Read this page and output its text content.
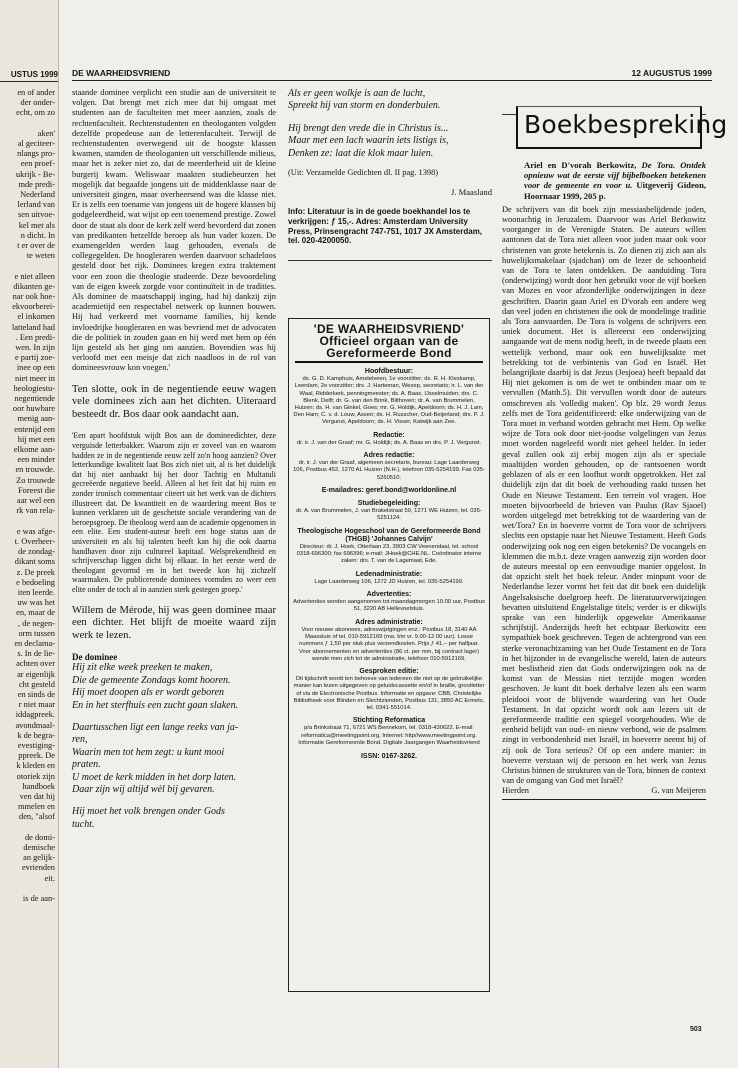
USTUS 1999
en of ander
der onder-
echt, om zo
aken'
al geciteer-
nlangs pro-
een proef-
ukrijk - Be-
mde predi-
Nederland
lerland van
sen uitvoe-
kel met als
n dicht. In
t er over de
te weten
e niet alleen
dikanten ge-
nar ook hoe-
ekvoorberei-
el inkomen
latteland had
. Een predi-
wen. In zijn
e partij zoe-
inee op een
niet meer in
heologiestu-
negentiende
oor huwbare
menig aan-
entenijd een
hij met een
elkome aan-
een minder
en trouwde.
Zo trouwde
Foreest die
aar wel een
rk van rela-
e was afge-
t. Overheer-
de zondag-
dikant soms
z. De preek
e bedoeling
iten leerde.
uw was het
en, maar de
, de negen-
orm tussen
en declama-
s. In de lie-
achten over
ar eigenlijk
cht gesteld
en sinds de
r niet maar
iddagpreek.
avondmaal-
k de begra-
evestiging-
ppreek. De
k kleden en
otoriek zijn
handboek
ven dat hij
mmelen en
den, "alsof
de domi-
demische
an gelijk-
evrienden
eit.
is de aan-
DE WAARHEIDSVRIEND	12 AUGUSTUS 1999

staande dominee verplicht een studie aan de universiteit te volgen. Dat brengt met zich mee dat hij omgaat met studenten aan de faculteiten met meer aanzien, zoals de rechtenfaculteit. Rechtenstudenten en theologanten volgden dezelfde propedeuse aan de letterenfaculteit. Terwijl de rechtenstudenten overwegend uit de hoogste klassen kwamen, stamden de theologanten uit verschillende milieus, maar het is zeker niet zo, dat de meerderheid uit de kleine burgerij kwam. Weliswaar maakten studiebeurzen het mogelijk dat begaafde jongens uit de middenklasse naar de universiteit gingen, maar overheersend was die klasse niet. Er is zelfs een toename van jongens uit de hogere klassen bij godgeleerdheid, wat wijst op een toenemend prestige. Zowel door de staat als door de kerk zelf werd bevorderd dat zonen van predikanten hetzelfde beroep als hun vader kozen. De examengelden werden laag gehouden, evenals de collegegelden. De hoogleraren werden daarvoor schadeloos gesteld door het rijk. Dominees kregen extra traktement voor een zoon die theologie studeerde. Deze bevoordeling van de eigen kweek zorgde voor continuïteit in de tradities. Als dominee de maatschappij inging, had hij dankzij zijn academietijd een respectabel netwerk op kunnen bouwen. Hij had verkeerd met voorname families, hij kende invloedrijke hoogleraren en was bevriend met de advocaten die de politiek in zouden gaan en hij werd met hem op één lijn gesteld als het ging om aanzien. Bovendien was hij verloofd met een meisje dat zich naadloos in de rol van domineesvrouw kon voegen.'

Ten slotte, ook in de negentiende eeuw wagen vele dominees zich aan het dichten. Uiteraard besteedt dr. Bos daar ook aandacht aan.

'Een apart hoofdstuk wijdt Bos aan de domineedichter, deze verguisde letterbakker. Waarom zijn er zoveel van en waarom hadden ze in de negentiende eeuw zelf zo'n hoog aanzien? Over letterkundige kwaliteit laat Bos zich niet uit, al is het duidelijk dat hij niet aanhaakt bij het door Tachtig en Multatuli gecreëerde negatieve beeld. Alleen al het feit dat hij ruim en zonder ironisch commentaar citeert uit het werk van de dichters illustreert dat. De kwantiteit en de waardering meent Bos te kunnen verklaren uit de geschetste sociale verandering van de beroepsgroep. De theoloog werd aan de academie opgenomen in een elite. Een student-auteur heeft een hoge status aan de universiteit en als hij talenten heeft kan hij die ook daarna handhaven door zijn cultureel kapitaal. Welsprekendheid en schrijverschap liggen dicht bij elkaar. In het eerste werd de theologant gevormd en in het tweede kon hij zichzelf waarmaken. De publicerende dominees vormden zo weer een elite onder de toch al in aanzien sterk gestegen groep.'

Willem de Mérode, hij was geen dominee maar een dichter. Het blijft de moeite waard zijn werk te lezen.

De dominee
Hij zit elke week preeken te maken,
Die de gemeente Zondags komt hooren.
Hij moet doopen als er wordt geboren
En in het sterfhuis een zucht gaan slaken.
Daartusschen ligt een lange reeks van ja-
ren,
Waarin men tot hem zegt: u kunt mooi
praten.
U moet de kerk midden in het dorp laten.
Daar zijn wij altijd wèl bij gevaren.
Hij moet het volk brengen onder Gods
tucht.
Als er geen wolkje is aan de lucht,
Spreekt hij van storm en donderbuien.
Hij brengt den vrede die in Christus is...
Maar met een lach waarin iets listigs is,
Denken ze: laat die klok maar luien.
(Uit: Verzamelde Gedichten dl. II pag. 1398)
J. Maasland
Info: Literatuur is in de goede boekhandel los te verkrijgen: ƒ 15,-. Adres: Amsterdam University Press, Prinsengracht 747-751, 1017 JX Amsterdam, tel. 020-4200050.
'DE WAARHEIDSVRIEND'
Officieel orgaan van de
Gereformeerde Bond
Hoofdbestuur:
ds. G. D. Kamphuis, Amstelveen, 1e voorzitter; ds. R. H. Kleskamp, Leerdam, 2e voorzitter; drs. J. Harteman, Wezep, secretaris; ir. L. van der Waal, Ridderkerk, penningmeester; ds. A. Baas, IJsselmuiden; drs. C. Blenk, Delft; dr. G. van den Brink, Bilthoven; dr. A. van Brummelen, Huizen; ds. H. van Ginkel, Goes; mr. G. Holdijk, Apeldoorn; ds. H. J. Lam, Den Ham; C. v. d. Louw, Assen; ds. H. Russcher, Oud-Beijerland; drs. P. J. Vergunst, Apeldoorn; ds. H. Visser, Katwijk aan Zee.
Redactie:
dr. ir. J. van der Graaf; mr. G. Holdijk; ds. A. Baas en drs. P. J. Vergunst.
Adres redactie:
dr. ir. J. van der Graaf, algemeen secretaris, bureau: Lage Laarderweg 106, Postbus 452, 1270 AL Huizen (N.H.), telefoon 035-5254199. Fax 035-5260510.
E-mailadres: geref.bond@worldonline.nl
Studiebegeleiding:
dr. A. van Brummelen, J. van Brakelstraat 59, 1271 WE Huizen, tel. 035-5251124.
Theologische Hogeschool van de Gereformeerde Bond (THGB) 'Johannes Calvijn'
Directeur: dr. J. Hoek, Otterlaan 23, 3903 CW Veenendaal, tel. school 0318-696300; fax 696396; e-mail: JHoek@CHE.NL. Coördinator interne zaken: drs. T. van de Lagemaat, Ede.
Ledenadministratie:
Lage Laarderweg 106, 1272 JD Huizen, tel. 035-5254199.
Advertenties:
Advertenties worden aangenomen tot maandagmorgen 10.00 uur, Postbus 51, 3220 AB Hellevoetsluis.
Adres administratie:
Voor nieuwe abonnees, adreswijzigingen enz.: Postbus 18, 3140 AA Maassluis of tel. 010-5912169 (ma. t/m vr. 9.00-12.00 uur). Losse nummers ƒ 1,50 per stuk plus verzendkosten. Prijs ƒ 41,– per halfjaar. Voor abonnementen en advertenties (86 ct. per mm, bij contract lager) wende men zich tot de administratie, telefoon 010-5912169.
Gesproken editie:
Dit tijdschrift wordt ten behoeve van iedereen die niet op de gebruikelijke manier kan lezen uitgegeven op geluidscassette en/of in braille, grootletter of via de Electronische Postbus. Informatie en opgave: CBB, Christelijke Bibliotheek voor Blinden en Slechtzienden, Postbus 131, 3850 AC Ermelo, tel. 0341-551014.
Stichting Reformatica
p/a Brinkstraat 71, 6721 WS Bennekom, tel. 0318-430622. E-mail: reformatica@meetingpoint.org. Internet: http//www.meetingpoint.org. Informatie Gereformeerde Bond. Digitale Jaargangen Waarheidsvriend
ISSN: 0167-3262.
Boekbespreking
Ariel en D'vorah Berkowitz, De Tora. Ontdek opnieuw wat de eerste vijf bijbelboeken betekenen voor de gemeente en voor u. Uitgeverij Gideon, Hoornaar 1999, 205 p.

De schrijvers van dit boek zijn messiasbelijdende joden, woonachtig in Jeruzalem. Daarvoor was Ariel Berkowitz voorganger in de Verenigde Staten. De auteurs willen aantonen dat de Tora niet alleen voor joden maar ook voor christenen van grote betekenis is. Zo dienen zij zich aan als huwelijksmakelaar (sjadchan) om de lezer de schoonheid van de Tora te laten ontdekken. De aanduiding Tora (onderwijzing) wordt door hen gebruikt voor de vijf boeken van Mozes en voor afzonderlijke onderwijzingen in deze geschriften. Daarin gaan Ariel en D'vorah een andere weg dan veel joden en christenen die ook de mondelinge traditie als Tora aanvaarden. De Tora is volgens de schrijvers een uniek document. Het is allereerst een onderwijzing aangaande wat de mens nodig heeft, in de tweede plaats een wettelijk verbond, maar ook een huwelijksakte met betrekking tot de verbintenis van God en Israël. Het belangrijkste daarbij is dat Jezus (Jesjoea) heeft bepaald dat Hij niet gekomen is om de wet te ontbinden maar om te vervullen (Matth.5). Dit vervullen wordt door de auteurs omschreven als 'volledig maken'. Op blz. 29 wordt Jezus zelfs met de Tora geïdentificeerd: elke onderwijzing van de Tora moet in verband worden gebracht met Hem. Op welke wijze de Tora ook door niet-joodse volgelingen van Jezus moet worden nageleefd wordt niet geheel helder. In ieder geval zullen ook zij erbij mogen zijn als er speciale maaltijden worden gehouden, op de rantsoenen wordt geblazen of als er een loofhut wordt opgetrokken. Het zal duidelijk zijn dat dit boek de verhouding raakt tussen het Oude en Nieuwe Testament. Een terrein vol vragen. Hoe moeten bijvoorbeeld de brieven van Paulus (Rav Sjaoel) worden uitgelegd met betrekking tot de waardering van de wet/Tora? En in hoeverre vormt de Tora voor de schrijvers slechts een opstapje naar het Nieuwe Testament. Heeft Gods onderwijzing ook nog een eigen betekenis? De vocangels en klemmen die m.b.t. deze vragen aanwezig zijn worden door de auteurs meestal op een eenvoudige manier opgelost. In dat opzicht stelt het boek teleur. Ander minpunt voor de Nederlandse lezer vormt het feit dat dit boek een duidelijk Angelsaksische doelgroep heeft. De literatuurverwijzingen bevatten uitsluitend Engelstalige titels; verder is er dikwijls sprake van een hinderlijk opgewekte Amerikaanse schrijfstijl. Anderzijds heeft het echtpaar Berkowitz een sympathiek boek geschreven. Tegen de achtergrond van een sterke veronachtzaming van het Oude Testament en de Tora in het bijzonder in de evangelische wereld, laten de auteurs met beslistheid zien dat Gods onderwijzingen ook na de komst van de Messias niet terzijde mogen worden geschoven. Je kunt dit boek derhalve lezen als een warm pleidooi voor de blijvende waardering van het Oude Testament. In dat opzicht wordt ook aan lezers uit de gereformeerde traditie een spiegel voorgehouden. Wie de eenheid belijdt van oud- en nieuw verbond, wie de psalmen zingt in verbondenheid met Israël, in hoeverre neemt hij of zij ook de Tora serieus? Of op een andere manier: in hoeverre verstaan wij de persoon en het werk van Jezus Christus binnen de strukturen van de Tora, binnen de context van de omgang van God met Israël?

Hierden	G. van Meijeren
503
